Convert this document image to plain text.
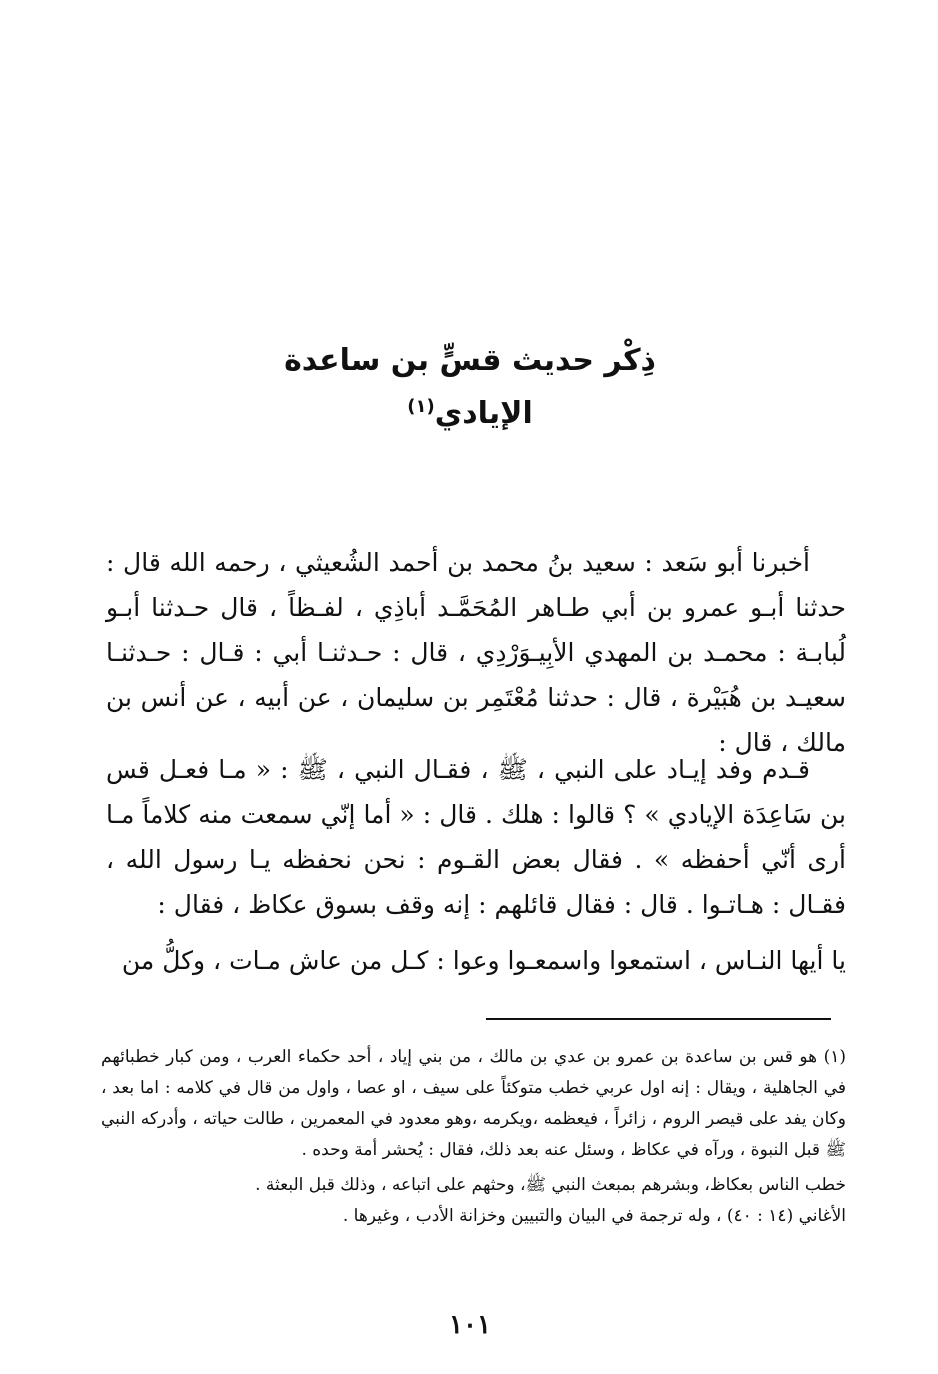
ذِكْر حديث قسٍّ بن ساعدة

الإيادي$^{(١)}$

أخبرنا أبو سَعد : سعيد بنُ محمد بن أحمد الشُعيثي ، رحمه الله قال : حدثنا أبـو عمرو بن أبي طـاهر المُحَمَّـد أباذِي ، لفـظاً ، قال حـدثنا أبـو لُبابـة : محمـد بن المهدي الأبِيـوَرْدِي ، قال : حـدثنـا أبي : قـال : حـدثنـا سعيـد بن هُبَيْرة ، قال : حدثنا مُعْتَمِر بن سليمان ، عن أبيه ، عن أنس بن مالك ، قال :

قـدم وفد إيـاد على النبي ، ﷺ ، فقـال النبي ، ﷺ : « مـا فعـل قس بن سَاعِدَة الإيادي » ؟ قالوا : هلك . قال : « أما إنّي سمعت منه كلاماً مـا أرى أنّي أحفظه » . فقال بعض القـوم : نحن نحفظه يـا رسول الله ، فقـال : هـاتـوا . قال : فقال قائلهم : إنه وقف بسوق عكاظ ، فقال :

يا أيها النـاس ، استمعوا واسمعـوا وعوا : كـل من عاش مـات ، وكلُّ من

(١) هو قس بن ساعدة بن عمرو بن عدي بن مالك ، من بني إياد ، أحد حكماء العرب ، ومن كبار خطبائهم في الجاهلية ، ويقال : إنه اول عربي خطب متوكئاً على سيف ، او عصا ، واول من قال في كلامه : اما بعد ، وكان يفد على قيصر الروم ، زائراً ، فيعظمه ،ويكرمه ،وهو معدود في المعمرين ، طالت حياته ، وأدركه النبي ﷺ قبل النبوة ، ورآه في عكاظ ، وسئل عنه بعد ذلك، فقال : يُحشر أمة وحده .

خطب الناس بعكاظ، وبشرهم بمبعث النبي ﷺ، وحثهم على اتباعه ، وذلك قبل البعثة .

الأغاني (١٤ : ٤٠) ، وله ترجمة في البيان والتبيين وخزانة الأدب ، وغيرها .

١٠١
